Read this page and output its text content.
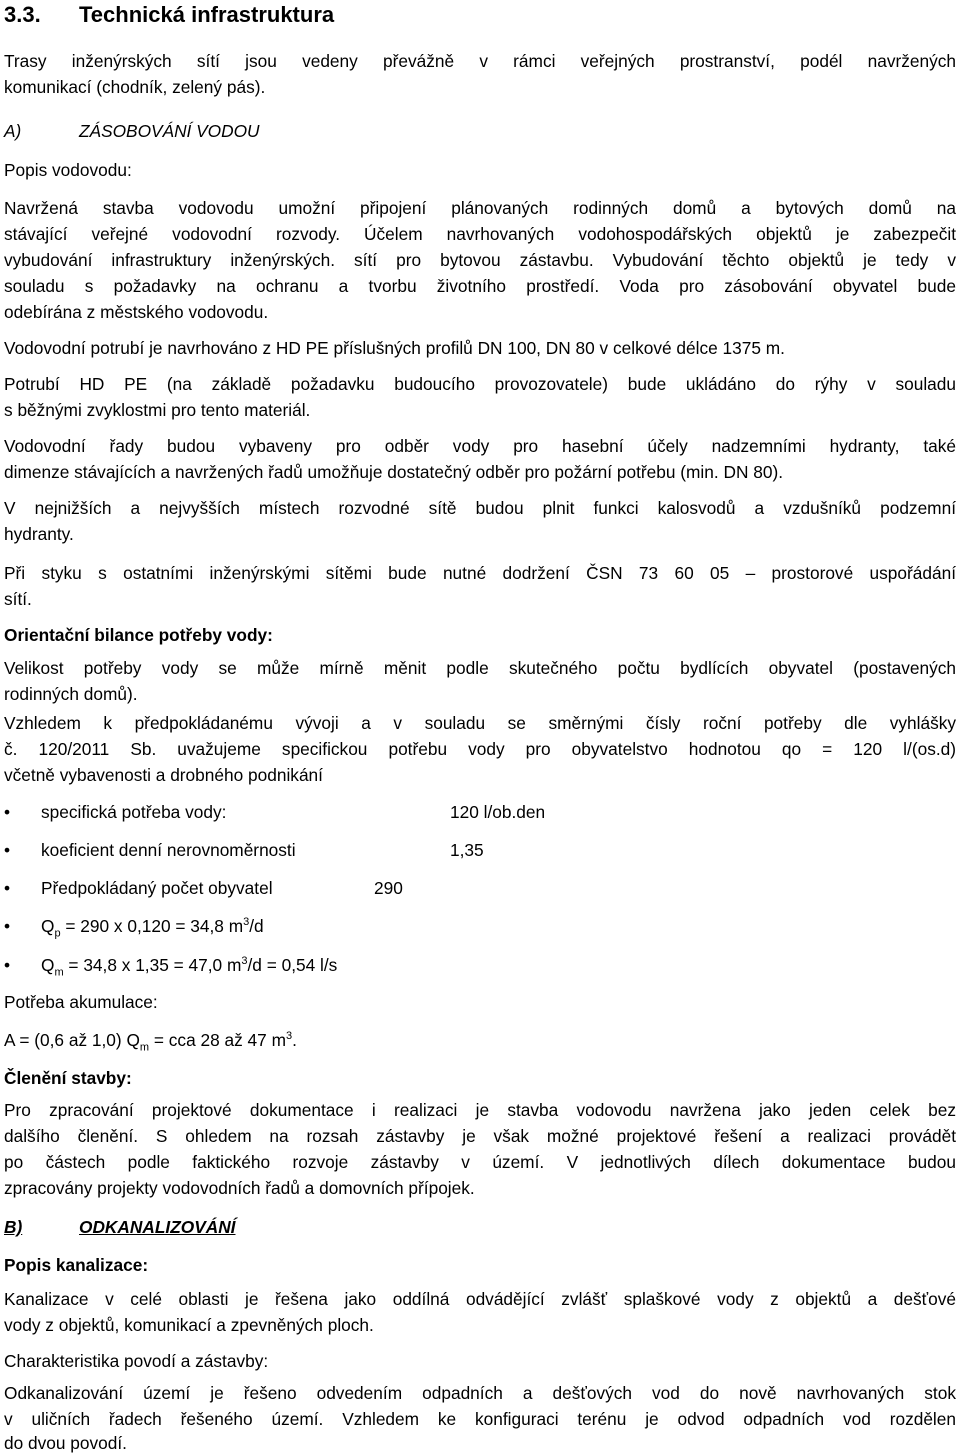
3.3. Technická infrastruktura
Trasy inženýrských sítí jsou vedeny převážně v rámci veřejných prostranství, podél navržených
komunikací (chodník, zelený pás).
A)	ZÁSOBOVÁNÍ VODOU
Popis vodovodu:
Navržená stavba vodovodu umožní připojení plánovaných rodinných domů a bytových domů na
stávající veřejné vodovodní rozvody. Účelem navrhovaných vodohospodářských objektů je zabezpečit
vybudování infrastruktury inženýrských. sítí pro bytovou zástavbu. Vybudování těchto objektů je tedy v
souladu s požadavky na ochranu a tvorbu životního prostředí. Voda pro zásobování obyvatel bude
odebírána z městského vodovodu.
Vodovodní potrubí je navrhováno z HD PE příslušných profilů DN 100, DN 80 v celkové délce 1375 m.
Potrubí HD PE (na základě požadavku budoucího provozovatele) bude ukládáno do rýhy v souladu
s běžnými zvyklostmi pro tento materiál.
Vodovodní řady budou vybaveny pro odběr vody pro hasební účely nadzemními hydranty, také
dimenze stávajících a navržených řadů umožňuje dostatečný odběr pro požární potřebu (min. DN 80).
V nejnižších a nejvyšších místech rozvodné sítě budou plnit funkci kalosvodů a vzdušníků podzemní
hydranty.
Při styku s ostatními inženýrskými sítěmi bude nutné dodržení ČSN 73 60 05 – prostorové uspořádání
sítí.
Orientační bilance potřeby vody:
Velikost potřeby vody se může mírně měnit podle skutečného počtu bydlících obyvatel (postavených
rodinných domů).
Vzhledem k předpokládanému vývoji a v souladu se směrnými čísly roční potřeby dle vyhlášky
č. 120/2011 Sb. uvažujeme specifickou potřebu vody pro obyvatelstvo hodnotou qo = 120 l/(os.d)
včetně vybavenosti a drobného podnikání
•	specifická potřeba vody:	120 l/ob.den
•	koeficient denní nerovnoměrnosti	1,35
•	Předpokládaný počet obyvatel	290
•	$Q_p = 290$ x 0,120 = 34,8 $m^3/d$
•	$Q_m = 34,8$ x 1,35 = 47,0 $m^3/d = 0,54$ l/s
Potřeba akumulace:
A = (0,6 až 1,0) $Q_m$ = cca 28 až 47 $m^3$.
Členění stavby:
Pro zpracování projektové dokumentace i realizaci je stavba vodovodu navržena jako jeden celek bez
dalšího členění. S ohledem na rozsah zástavby je však možné projektové řešení a realizaci provádět
po částech podle faktického rozvoje zástavby v území. V jednotlivých dílech dokumentace budou
zpracovány projekty vodovodních řadů a domovních přípojek.
B)	ODKANALIZOVÁNÍ
Popis kanalizace:
Kanalizace v celé oblasti je řešena jako oddílná odvádějící zvlášť splaškové vody z objektů a dešťové
vody z objektů, komunikací a zpevněných ploch.
Charakteristika povodí a zástavby:
Odkanalizování území je řešeno odvedením odpadních a dešťových vod do nově navrhovaných stok
v uličních řadech řešeného území. Vzhledem ke konfiguraci terénu je odvod odpadních vod rozdělen
do dvou povodí.
